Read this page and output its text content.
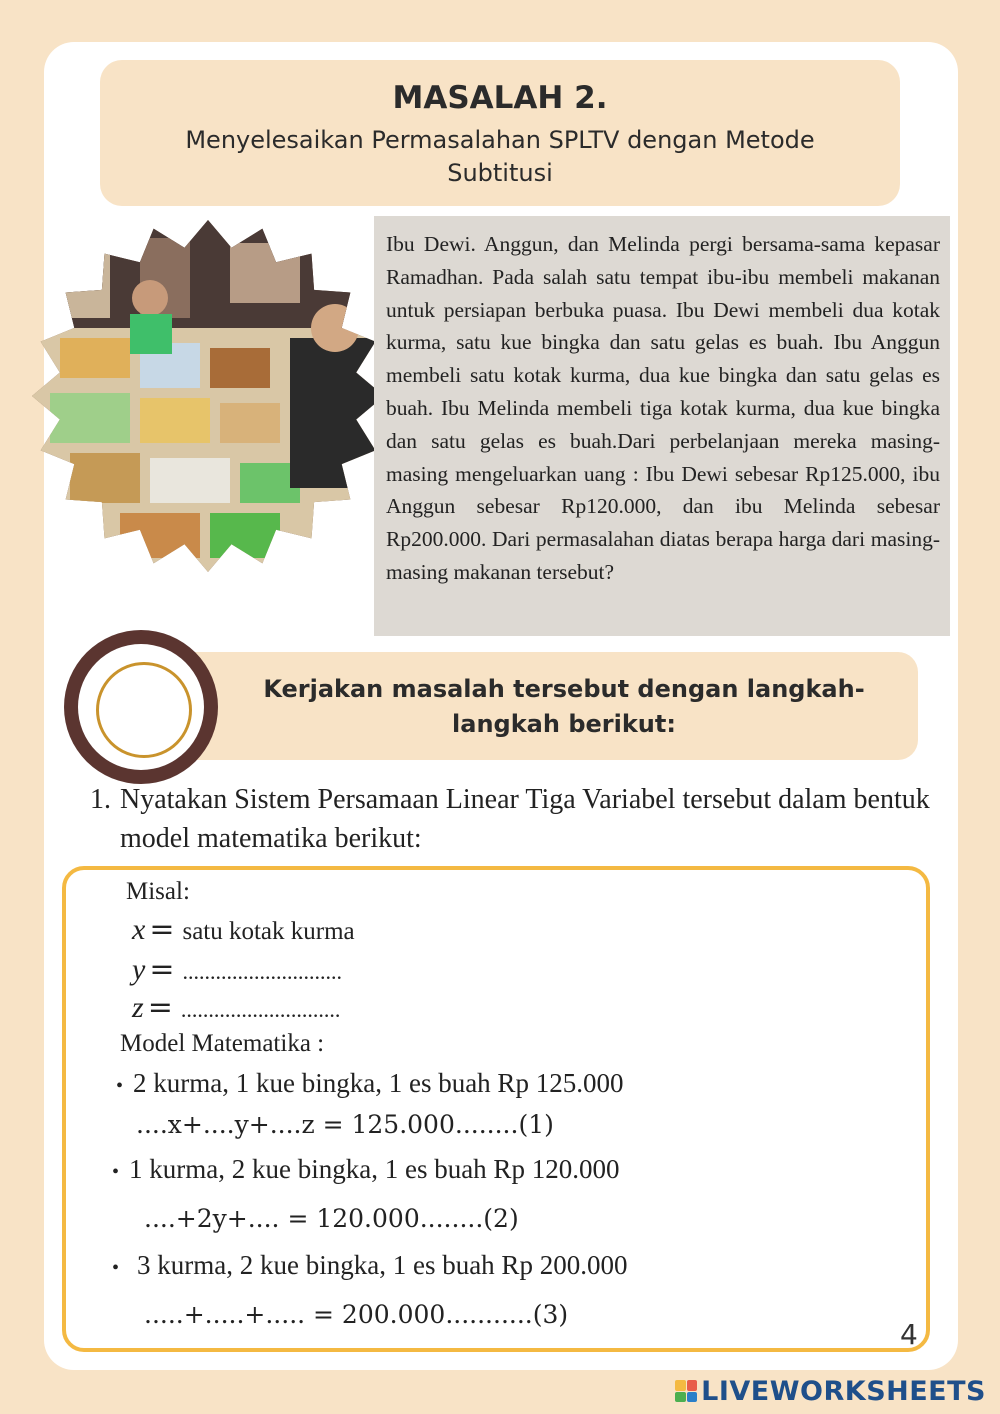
MASALAH 2.
Menyelesaikan Permasalahan SPLTV dengan Metode Subtitusi
Ibu Dewi. Anggun, dan Melinda pergi bersama-sama kepasar Ramadhan. Pada salah satu tempat ibu-ibu membeli makanan untuk persiapan berbuka puasa. Ibu Dewi membeli dua kotak kurma, satu kue bingka dan satu gelas es buah. Ibu Anggun membeli satu kotak kurma, dua kue bingka dan satu gelas es buah. Ibu Melinda membeli tiga kotak kurma, dua kue bingka dan satu gelas es buah.Dari perbelanjaan mereka masing-masing mengeluarkan uang : Ibu Dewi sebesar Rp125.000, ibu Anggun sebesar Rp120.000, dan ibu Melinda sebesar Rp200.000. Dari permasalahan diatas berapa harga dari masing-masing makanan tersebut?
Kerjakan masalah tersebut dengan langkah-langkah berikut:
1. Nyatakan Sistem Persamaan Linear Tiga Variabel tersebut dalam bentuk model matematika berikut:
Misal:
x = satu kotak kurma
y = .............................
z = .............................
Model Matematika :
• 2 kurma, 1 kue bingka, 1 es buah Rp 125.000
....x+....y+....z = 125.000........(1)
• 1 kurma, 2 kue bingka, 1 es buah Rp 120.000
....+2y+.... = 120.000........(2)
• 3 kurma, 2 kue bingka, 1 es buah Rp 200.000
.....+.....+..... = 200.000...........(3)
4
LIVEWORKSHEETS
